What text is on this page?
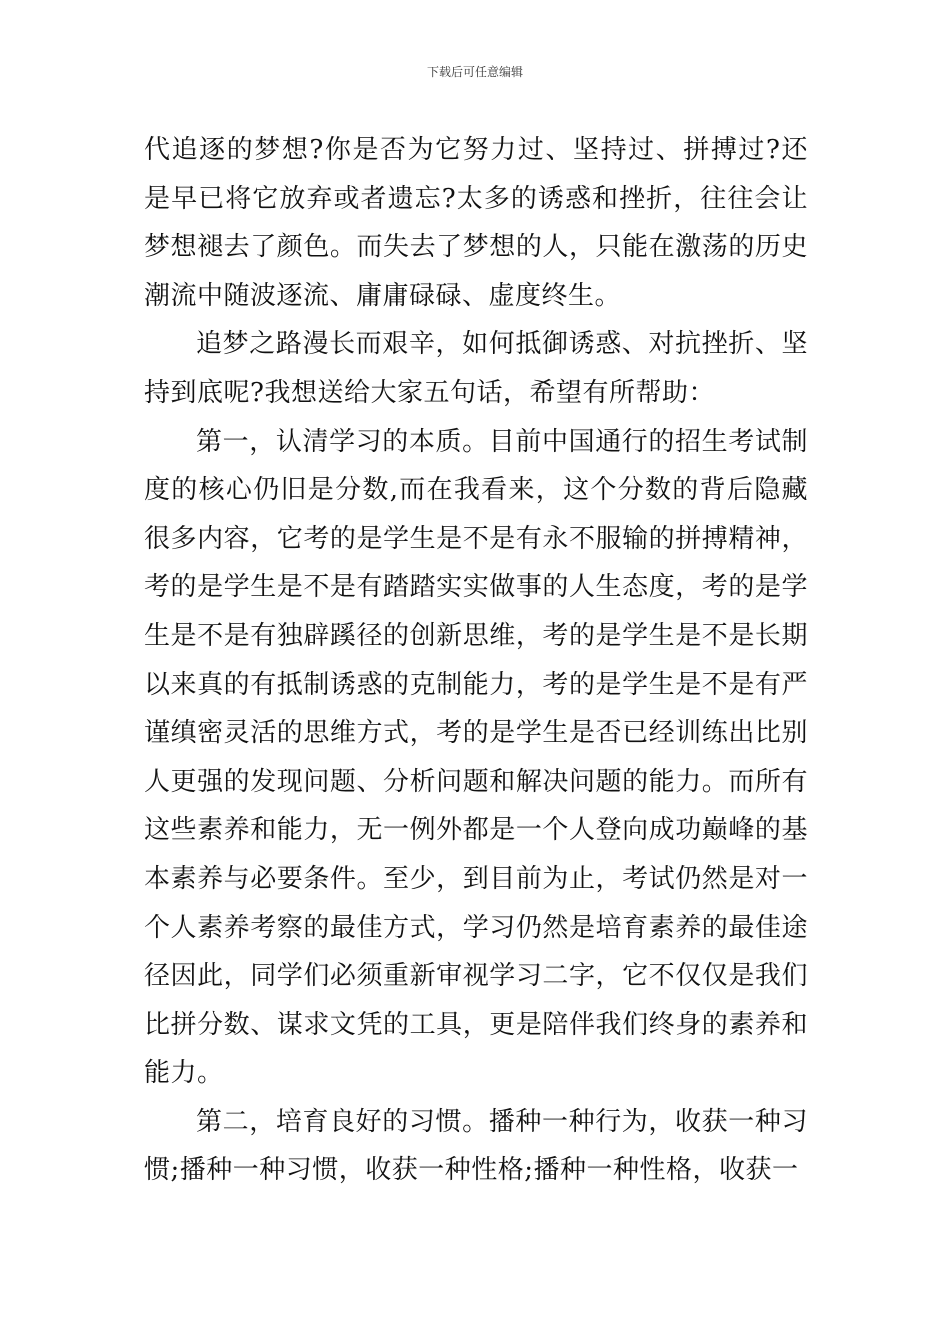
下载后可任意编辑

代追逐的梦想?你是否为它努力过、坚持过、拼搏过?还是早已将它放弃或者遗忘?太多的诱惑和挫折，往往会让梦想褪去了颜色。而失去了梦想的人，只能在激荡的历史潮流中随波逐流、庸庸碌碌、虚度终生。

追梦之路漫长而艰辛，如何抵御诱惑、对抗挫折、坚持到底呢?我想送给大家五句话，希望有所帮助：

第一，认清学习的本质。目前中国通行的招生考试制度的核心仍旧是分数,而在我看来，这个分数的背后隐藏很多内容，它考的是学生是不是有永不服输的拼搏精神，考的是学生是不是有踏踏实实做事的人生态度，考的是学生是不是有独辟蹊径的创新思维，考的是学生是不是长期以来真的有抵制诱惑的克制能力，考的是学生是不是有严谨缜密灵活的思维方式，考的是学生是否已经训练出比别人更强的发现问题、分析问题和解决问题的能力。而所有这些素养和能力，无一例外都是一个人登向成功巅峰的基本素养与必要条件。至少，到目前为止，考试仍然是对一个人素养考察的最佳方式，学习仍然是培育素养的最佳途径因此，同学们必须重新审视学习二字，它不仅仅是我们比拼分数、谋求文凭的工具，更是陪伴我们终身的素养和能力。

第二，培育良好的习惯。播种一种行为，收获一种习惯;播种一种习惯，收获一种性格;播种一种性格，收获一
